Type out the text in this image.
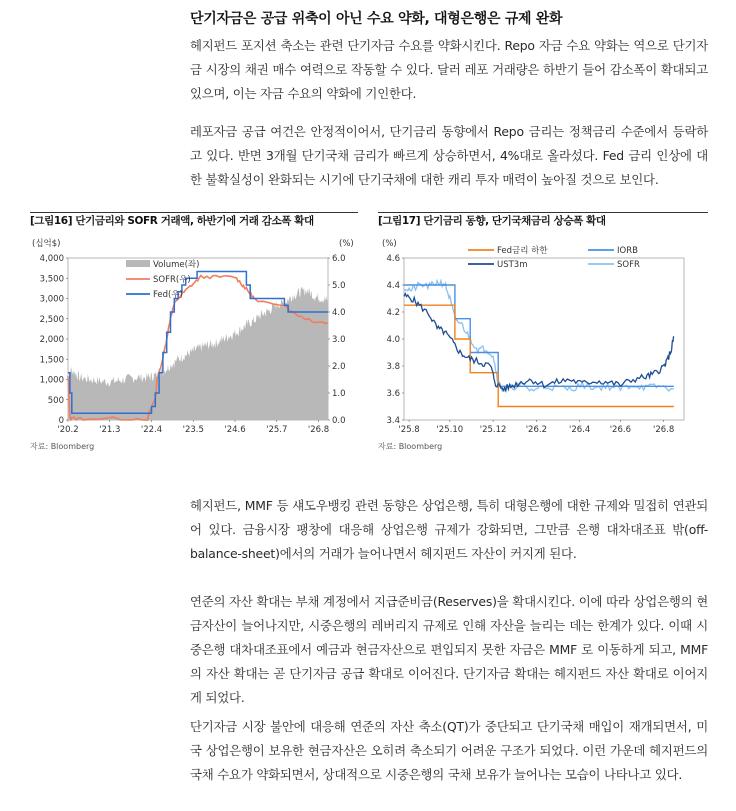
단기자금은 공급 위축이 아닌 수요 약화, 대형은행은 규제 완화
헤지펀드 포지션 축소는 관련 단기자금 수요를 약화시킨다. Repo 자금 수요 약화는 역으로 단기자금 시장의 채권 매수 여력으로 작동할 수 있다. 달러 레포 거래량은 하반기 들어 감소폭이 확대되고 있으며, 이는 자금 수요의 약화에 기인한다.
레포자금 공급 여건은 안정적이어서, 단기금리 동향에서 Repo 금리는 정책금리 수준에서 등락하고 있다. 반면 3개월 단기국채 금리가 빠르게 상승하면서, 4%대로 올라섰다. Fed 금리 인상에 대한 불확실성이 완화되는 시기에 단기국채에 대한 캐리 투자 매력이 높아질 것으로 보인다.
[그림16] 단기금리와 SOFR 거래액, 하반기에 거래 감소폭 확대
(십억$)	(%)
4,000
3,500
3,000
2,500
2,000
1,500
1,000
500
0
6.0
5.0
4.0
3.0
2.0
1.0
0.0
'20.2 '21.3 '22.4 '23.5 '24.6 '25.7 '26.8
Volume(좌)
SOFR(우)
Fed(우)
자료: Bloomberg
[그림17] 단기금리 동향, 단기국채금리 상승폭 확대
(%)
4.6
4.4
4.2
4.0
3.8
3.6
3.4
'25.8 '25.10 '25.12 '26.2	'26.4 '26.6	'26.8
Fed금리 하한
UST3m
IORB
SOFR
자료: Bloomberg
헤지펀드, MMF 등 섀도우뱅킹 관련 동향은 상업은행, 특히 대형은행에 대한 규제와 밀접히 연관되어 있다. 금융시장 팽창에 대응해 상업은행 규제가 강화되면, 그만큼 은행 대차대조표 밖(off-balance-sheet)에서의 거래가 늘어나면서 헤지펀드 자산이 커지게 된다.
연준의 자산 확대는 부채 계정에서 지급준비금(Reserves)을 확대시킨다. 이에 따라 상업은행의 현금자산이 늘어나지만, 시중은행의 레버리지 규제로 인해 자산을 늘리는 데는 한계가 있다. 이때 시중은행 대차대조표에서 예금과 현금자산으로 편입되지 못한 자금은 MMF 로 이동하게 되고, MMF 의 자산 확대는 곧 단기자금 공급 확대로 이어진다. 단기자금 확대는 헤지펀드 자산 확대로 이어지게 되었다.
단기자금 시장 불안에 대응해 연준의 자산 축소(QT)가 중단되고 단기국채 매입이 재개되면서, 미국 상업은행이 보유한 현금자산은 오히려 축소되기 어려운 구조가 되었다. 이런 가운데 헤지펀드의 국채 수요가 약화되면서, 상대적으로 시중은행의 국채 보유가 늘어나는 모습이 나타나고 있다.
